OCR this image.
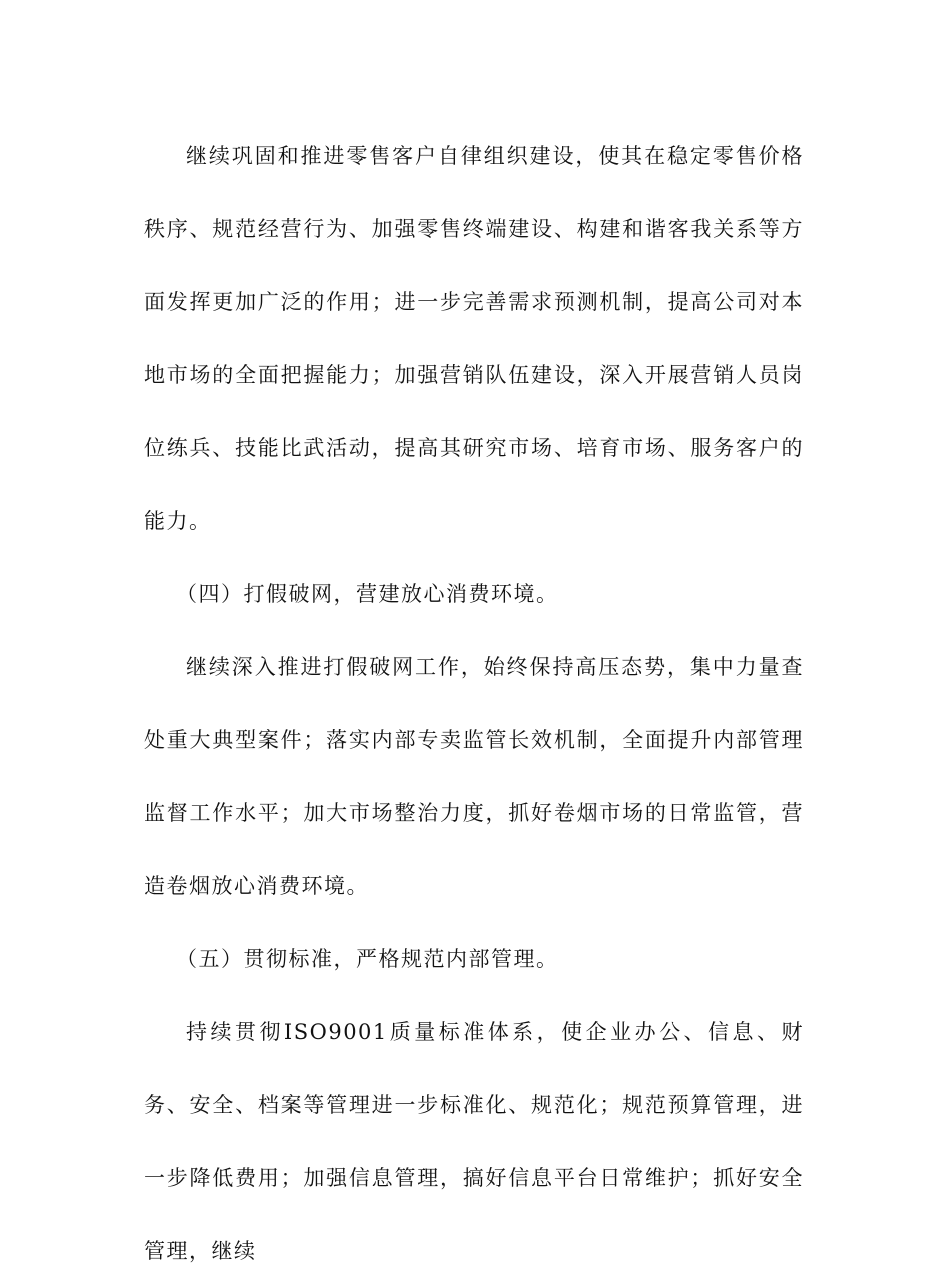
继续巩固和推进零售客户自律组织建设，使其在稳定零售价格秩序、规范经营行为、加强零售终端建设、构建和谐客我关系等方面发挥更加广泛的作用；进一步完善需求预测机制，提高公司对本地市场的全面把握能力；加强营销队伍建设，深入开展营销人员岗位练兵、技能比武活动，提高其研究市场、培育市场、服务客户的能力。

（四）打假破网，营建放心消费环境。

继续深入推进打假破网工作，始终保持高压态势，集中力量查处重大典型案件；落实内部专卖监管长效机制，全面提升内部管理监督工作水平；加大市场整治力度，抓好卷烟市场的日常监管，营造卷烟放心消费环境。

（五）贯彻标准，严格规范内部管理。

持续贯彻ISO9001质量标准体系，使企业办公、信息、财务、安全、档案等管理进一步标准化、规范化；规范预算管理，进一步降低费用；加强信息管理，搞好信息平台日常维护；抓好安全管理，继续
